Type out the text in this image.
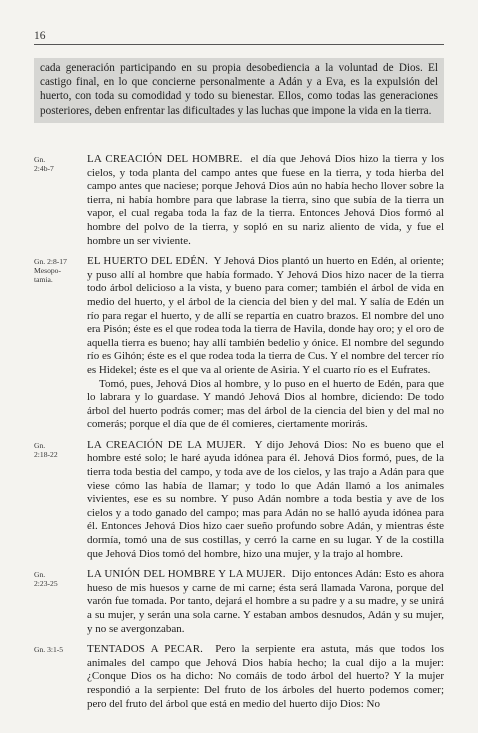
16
cada generación participando en su propia desobediencia a la voluntad de Dios. El castigo final, en lo que concierne personalmente a Adán y a Eva, es la expulsión del huerto, con toda su comodidad y todo su bienestar. Ellos, como todas las generaciones posteriores, deben enfrentar las dificultades y las luchas que impone la vida en la tierra.
Gn.
2:4b-7

LA CREACIÓN DEL HOMBRE. el día que Jehová Dios hizo la tierra y los cielos, y toda planta del campo antes que fuese en la tierra, y toda hierba del campo antes que naciese; porque Jehová Dios aún no había hecho llover sobre la tierra, ni había hombre para que labrase la tierra, sino que subía de la tierra un vapor, el cual regaba toda la faz de la tierra. Entonces Jehová Dios formó al hombre del polvo de la tierra, y sopló en su nariz aliento de vida, y fue el hombre un ser viviente.

Gn. 2:8-17
Mesopo-
tamia.

EL HUERTO DEL EDÉN. Y Jehová Dios plantó un huerto en Edén, al oriente; y puso allí al hombre que había formado. Y Jehová Dios hizo nacer de la tierra todo árbol delicioso a la vista, y bueno para comer; también el árbol de vida en medio del huerto, y el árbol de la ciencia del bien y del mal. Y salía de Edén un río para regar el huerto, y de allí se repartía en cuatro brazos. El nombre del uno era Pisón; éste es el que rodea toda la tierra de Havila, donde hay oro; y el oro de aquella tierra es bueno; hay allí también bedelio y ónice. El nombre del segundo río es Gihón; éste es el que rodea toda la tierra de Cus. Y el nombre del tercer río es Hidekel; éste es el que va al oriente de Asiria. Y el cuarto río es el Eufrates.

Tomó, pues, Jehová Dios al hombre, y lo puso en el huerto de Edén, para que lo labrara y lo guardase. Y mandó Jehová Dios al hombre, diciendo: De todo árbol del huerto podrás comer; mas del árbol de la ciencia del bien y del mal no comerás; porque el día que de él comieres, ciertamente morirás.

Gn.
2:18-22

LA CREACIÓN DE LA MUJER. Y dijo Jehová Dios: No es bueno que el hombre esté solo; le haré ayuda idónea para él. Jehová Dios formó, pues, de la tierra toda bestia del campo, y toda ave de los cielos, y las trajo a Adán para que viese cómo las había de llamar; y todo lo que Adán llamó a los animales vivientes, ese es su nombre. Y puso Adán nombre a toda bestia y ave de los cielos y a todo ganado del campo; mas para Adán no se halló ayuda idónea para él. Entonces Jehová Dios hizo caer sueño profundo sobre Adán, y mientras éste dormía, tomó una de sus costillas, y cerró la carne en su lugar. Y de la costilla que Jehová Dios tomó del hombre, hizo una mujer, y la trajo al hombre.

Gn.
2:23-25

LA UNIÓN DEL HOMBRE Y LA MUJER. Dijo entonces Adán: Esto es ahora hueso de mis huesos y carne de mi carne; ésta será llamada Varona, porque del varón fue tomada. Por tanto, dejará el hombre a su padre y a su madre, y se unirá a su mujer, y serán una sola carne. Y estaban ambos desnudos, Adán y su mujer, y no se avergonzaban.

Gn. 3:1-5	TENTADOS A PECAR. Pero la serpiente era astuta, más que todos los animales del campo que Jehová Dios había hecho; la cual dijo a la mujer: ¿Conque Dios os ha dicho: No comáis de todo árbol del huerto? Y la mujer respondió a la serpiente: Del fruto de los árboles del huerto podemos comer; pero del fruto del árbol que está en medio del huerto dijo Dios: No
